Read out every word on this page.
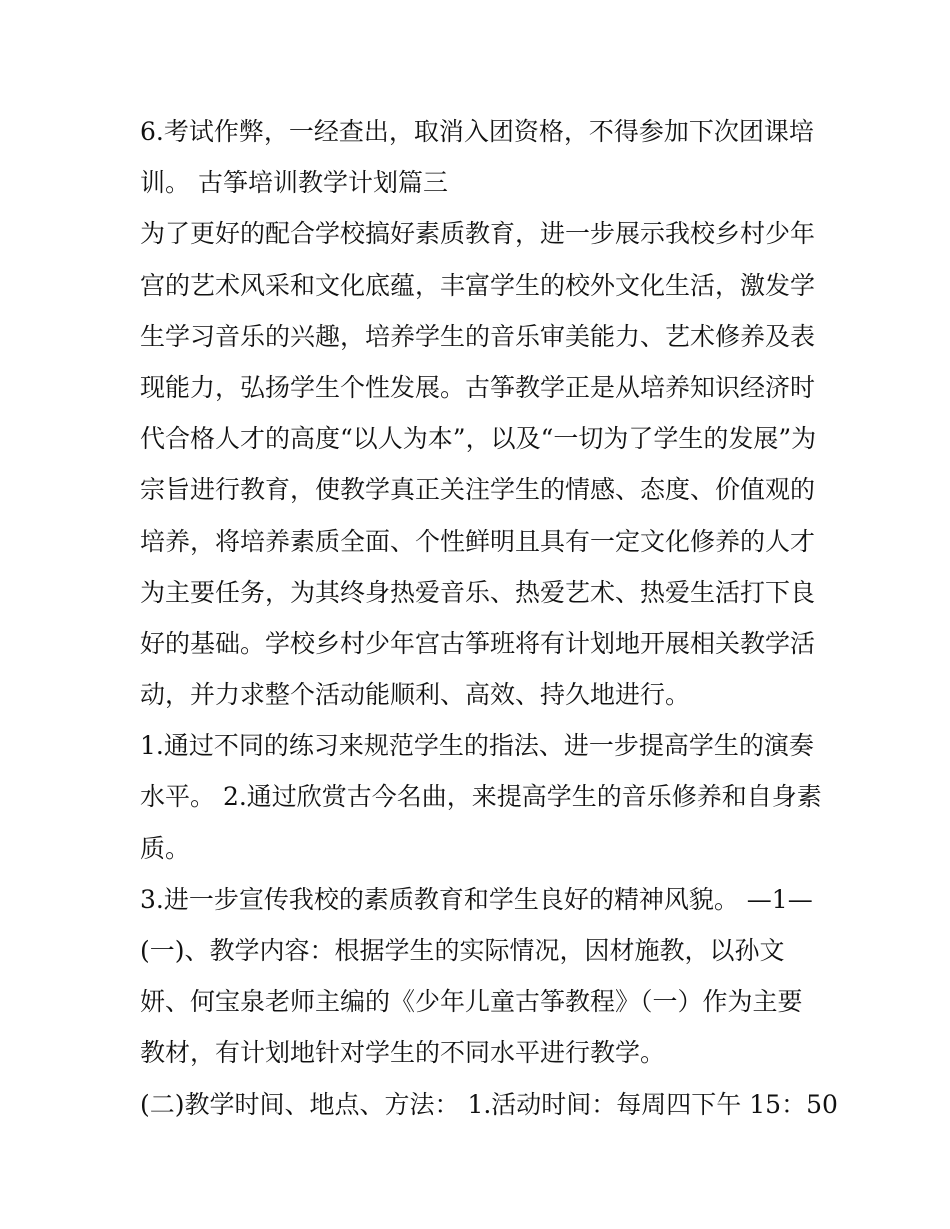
6.考试作弊，一经查出，取消入团资格，不得参加下次团课培
训。 古筝培训教学计划篇三
为了更好的配合学校搞好素质教育，进一步展示我校乡村少年
宫的艺术风采和文化底蕴，丰富学生的校外文化生活，激发学
生学习音乐的兴趣，培养学生的音乐审美能力、艺术修养及表
现能力，弘扬学生个性发展。古筝教学正是从培养知识经济时
代合格人才的高度“以人为本”，以及“一切为了学生的发展”为
宗旨进行教育，使教学真正关注学生的情感、态度、价值观的
培养，将培养素质全面、个性鲜明且具有一定文化修养的人才
为主要任务，为其终身热爱音乐、热爱艺术、热爱生活打下良
好的基础。学校乡村少年宫古筝班将有计划地开展相关教学活
动，并力求整个活动能顺利、高效、持久地进行。
1.通过不同的练习来规范学生的指法、进一步提高学生的演奏
水平。 2.通过欣赏古今名曲，来提高学生的音乐修养和自身素
质。
3.进一步宣传我校的素质教育和学生良好的精神风貌。 —1—
(一)、教学内容：根据学生的实际情况，因材施教，以孙文
妍、何宝泉老师主编的《少年儿童古筝教程》（一）作为主要
教材，有计划地针对学生的不同水平进行教学。
(二)教学时间、地点、方法： 1.活动时间：每周四下午 15：50
